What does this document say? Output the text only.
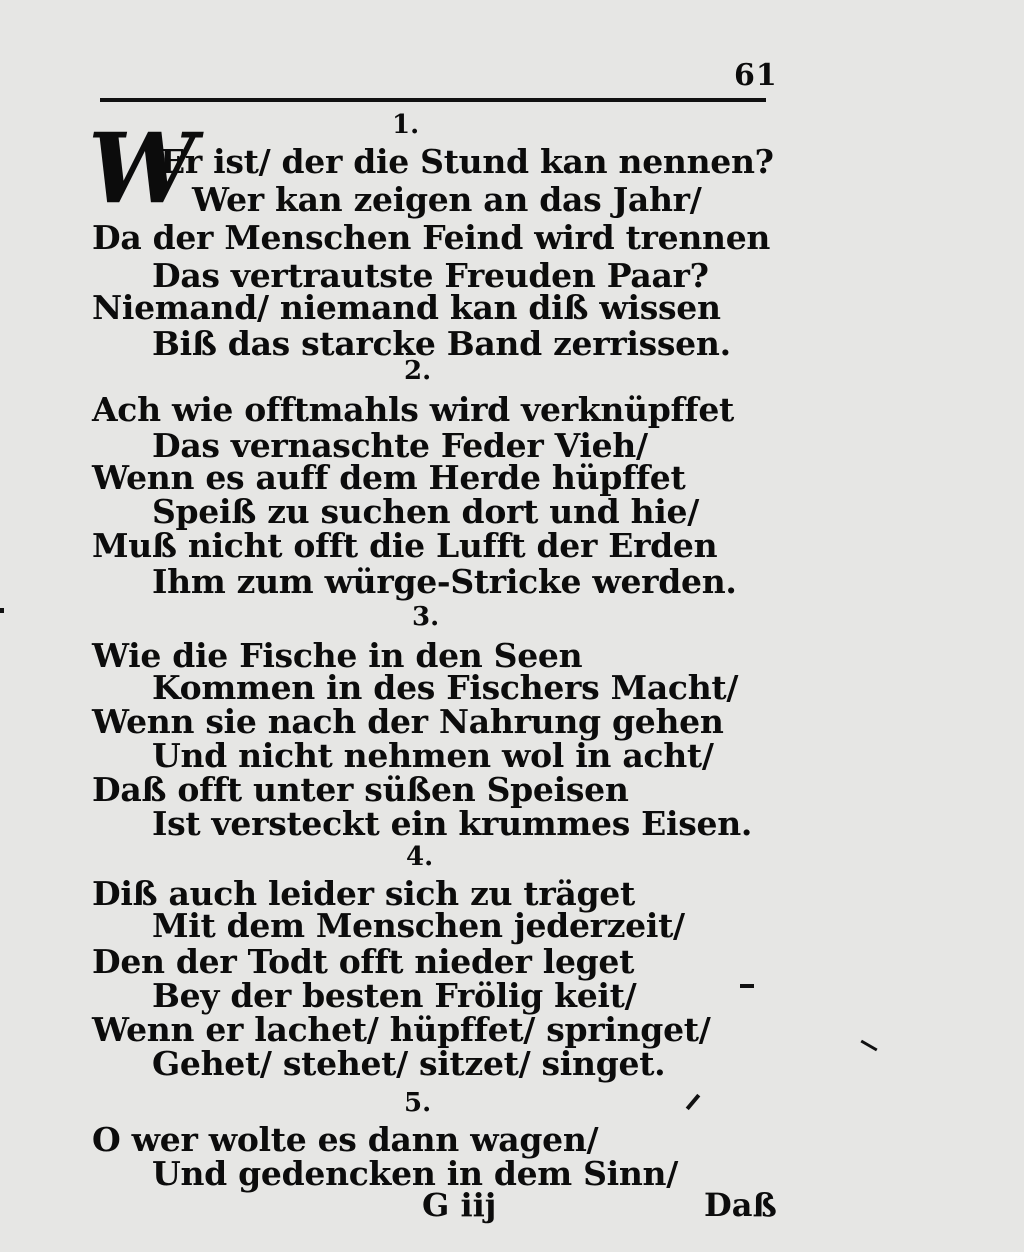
61
W	1.
Er ist/ der die Stund kan nennen?
Wer kan zeigen an das Jahr/
Da der Menschen Feind wird trennen
Das vertrautste Freuden Paar?
Niemand/ niemand kan diß wissen
Biß das starcke Band zerrissen.
2.
Ach wie offtmahls wird verknüpffet
Das vernaschte Feder Vieh/
Wenn es auff dem Herde hüpffet
Speiß zu suchen dort und hie/
Muß nicht offt die Lufft der Erden
Ihm zum würge-Stricke werden.
3.
Wie die Fische in den Seen
Kommen in des Fischers Macht/
Wenn sie nach der Nahrung gehen
Und nicht nehmen wol in acht/
Daß offt unter süßen Speisen
Ist versteckt ein krummes Eisen.
4.
Diß auch leider sich zu träget
Mit dem Menschen jederzeit/
Den der Todt offt nieder leget
Bey der besten Frölig keit/
Wenn er lachet/ hüpffet/ springet/
Gehet/ stehet/ sitzet/ singet.
5.
O wer wolte es dann wagen/
Und gedencken in dem Sinn/
G iij	Daß
